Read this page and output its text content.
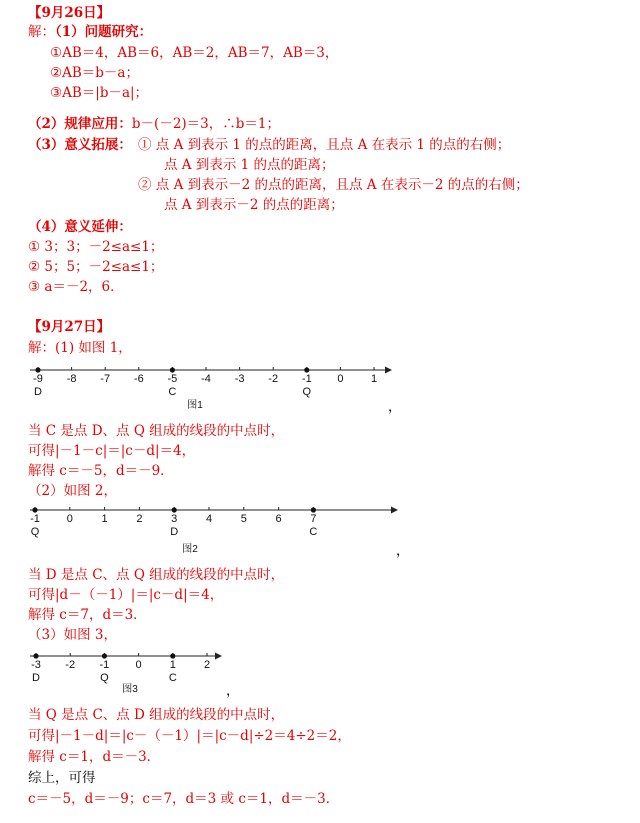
【9月26日】
解：（1）问题研究：
①AB＝4，AB＝6，AB＝2，AB＝7，AB＝3，
②AB＝b－a；
③AB＝|b－a|；
（2）规律应用：b－(－2)＝3，∴b＝1；
（3）意义拓展： ① 点 A 到表示 1 的点的距离，且点 A 在表示 1 的点的右侧；
点 A 到表示 1 的点的距离；
② 点 A 到表示－2 的点的距离，且点 A 在表示－2 的点的右侧；
点 A 到表示－2 的点的距离；
（4）意义延伸：
① 3；3；－2≤a≤1；
② 5；5；－2≤a≤1；
③ a＝－2，6．
【9月27日】
解：(1) 如图 1，
-9 -8 -7 -6 -5 -4 -3 -2 -1 0 1
D	C	Q
图1	，
当 C 是点 D、点 Q 组成的线段的中点时，
可得|－1－c|＝|c－d|＝4，
解得 c＝－5，d＝－9．
（2）如图 2，
-1 0	1	2	3	4	5	6	7
Q	D	C
图2	，
当 D 是点 C、点 Q 组成的线段的中点时，
可得|d－（－1）|＝|c－d|＝4，
解得 c＝7，d＝3．
（3）如图 3，
-3 -2 -1 0	1	2
D	Q	C
图3	，
当 Q 是点 C、点 D 组成的线段的中点时，
可得|－1－d|＝|c－（－1）|＝|c－d|÷2＝4÷2＝2，
解得 c＝1，d＝－3．
综上，可得
c＝－5，d＝－9；c＝7，d＝3 或 c＝1，d＝－3．
